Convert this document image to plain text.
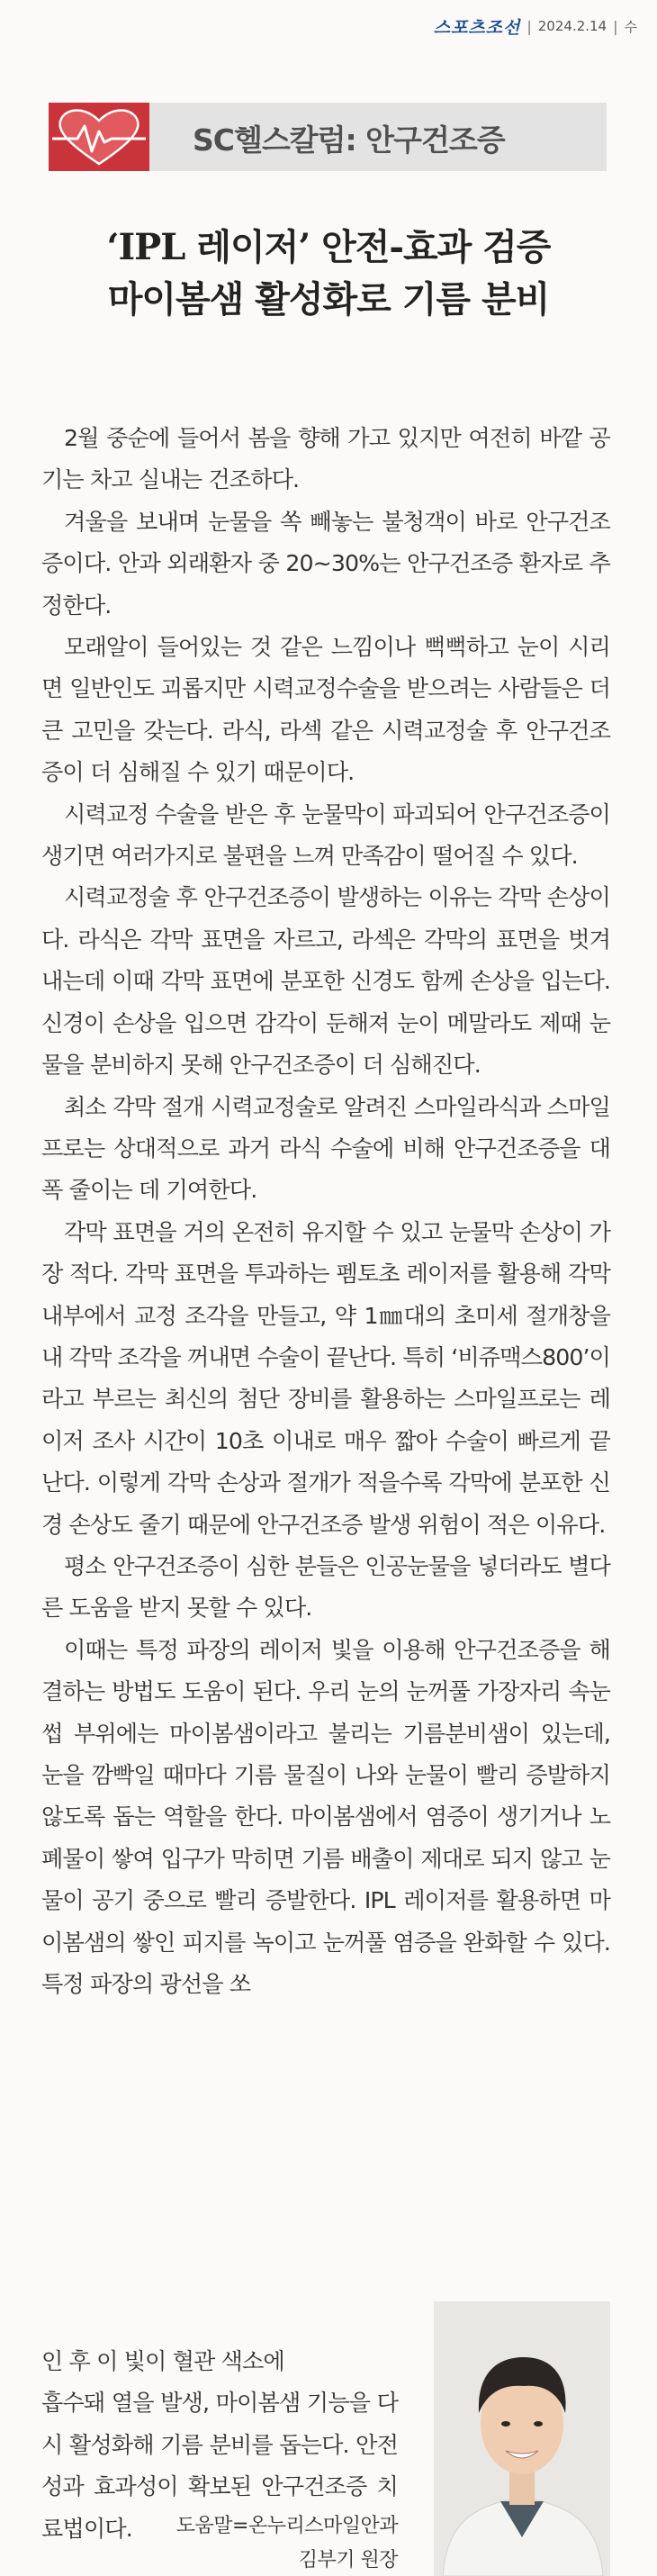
스포츠조선 | 2024.2.14 | 수
SC헬스칼럼: 안구건조증
‘IPL 레이저’ 안전-효과 검증
마이봄샘 활성화로 기름 분비

2월 중순에 들어서 봄을 향해 가고 있지만 여전히 바깥 공기는 차고 실내는 건조하다.

겨울을 보내며 눈물을 쏙 빼놓는 불청객이 바로 안구건조증이다. 안과 외래환자 중 20~30%는 안구건조증 환자로 추정한다.

모래알이 들어있는 것 같은 느낌이나 뻑뻑하고 눈이 시리면 일반인도 괴롭지만 시력교정수술을 받으려는 사람들은 더 큰 고민을 갖는다. 라식, 라섹 같은 시력교정술 후 안구건조증이 더 심해질 수 있기 때문이다.

시력교정 수술을 받은 후 눈물막이 파괴되어 안구건조증이 생기면 여러가지로 불편을 느껴 만족감이 떨어질 수 있다.

시력교정술 후 안구건조증이 발생하는 이유는 각막 손상이다. 라식은 각막 표면을 자르고, 라섹은 각막의 표면을 벗겨내는데 이때 각막 표면에 분포한 신경도 함께 손상을 입는다. 신경이 손상을 입으면 감각이 둔해져 눈이 메말라도 제때 눈물을 분비하지 못해 안구건조증이 더 심해진다.

최소 각막 절개 시력교정술로 알려진 스마일라식과 스마일프로는 상대적으로 과거 라식 수술에 비해 안구건조증을 대폭 줄이는 데 기여한다.

각막 표면을 거의 온전히 유지할 수 있고 눈물막 손상이 가장 적다. 각막 표면을 투과하는 펨토초 레이저를 활용해 각막 내부에서 교정 조각을 만들고, 약 1㎜대의 초미세 절개창을 내 각막 조각을 꺼내면 수술이 끝난다. 특히 ‘비쥬맥스800’이라고 부르는 최신의 첨단 장비를 활용하는 스마일프로는 레이저 조사 시간이 10초 이내로 매우 짧아 수술이 빠르게 끝난다. 이렇게 각막 손상과 절개가 적을수록 각막에 분포한 신경 손상도 줄기 때문에 안구건조증 발생 위험이 적은 이유다.

평소 안구건조증이 심한 분들은 인공눈물을 넣더라도 별다른 도움을 받지 못할 수 있다.

이때는 특정 파장의 레이저 빛을 이용해 안구건조증을 해결하는 방법도 도움이 된다. 우리 눈의 눈꺼풀 가장자리 속눈썹 부위에는 마이봄샘이라고 불리는 기름분비샘이 있는데, 눈을 깜빡일 때마다 기름 물질이 나와 눈물이 빨리 증발하지 않도록 돕는 역할을 한다. 마이봄샘에서 염증이 생기거나 노폐물이 쌓여 입구가 막히면 기름 배출이 제대로 되지 않고 눈물이 공기 중으로 빨리 증발한다. IPL 레이저를 활용하면 마이봄샘의 쌓인 피지를 녹이고 눈꺼풀 염증을 완화할 수 있다. 특정 파장의 광선을 쏘

인 후 이 빛이 혈관 색소에

흡수돼 열을 발생, 마이봄샘 기능을 다시 활성화해 기름 분비를 돕는다. 안전성과 효과성이 확보된 안구건조증 치료법이다.	도움말=온누리스마일안과
김부기 원장
